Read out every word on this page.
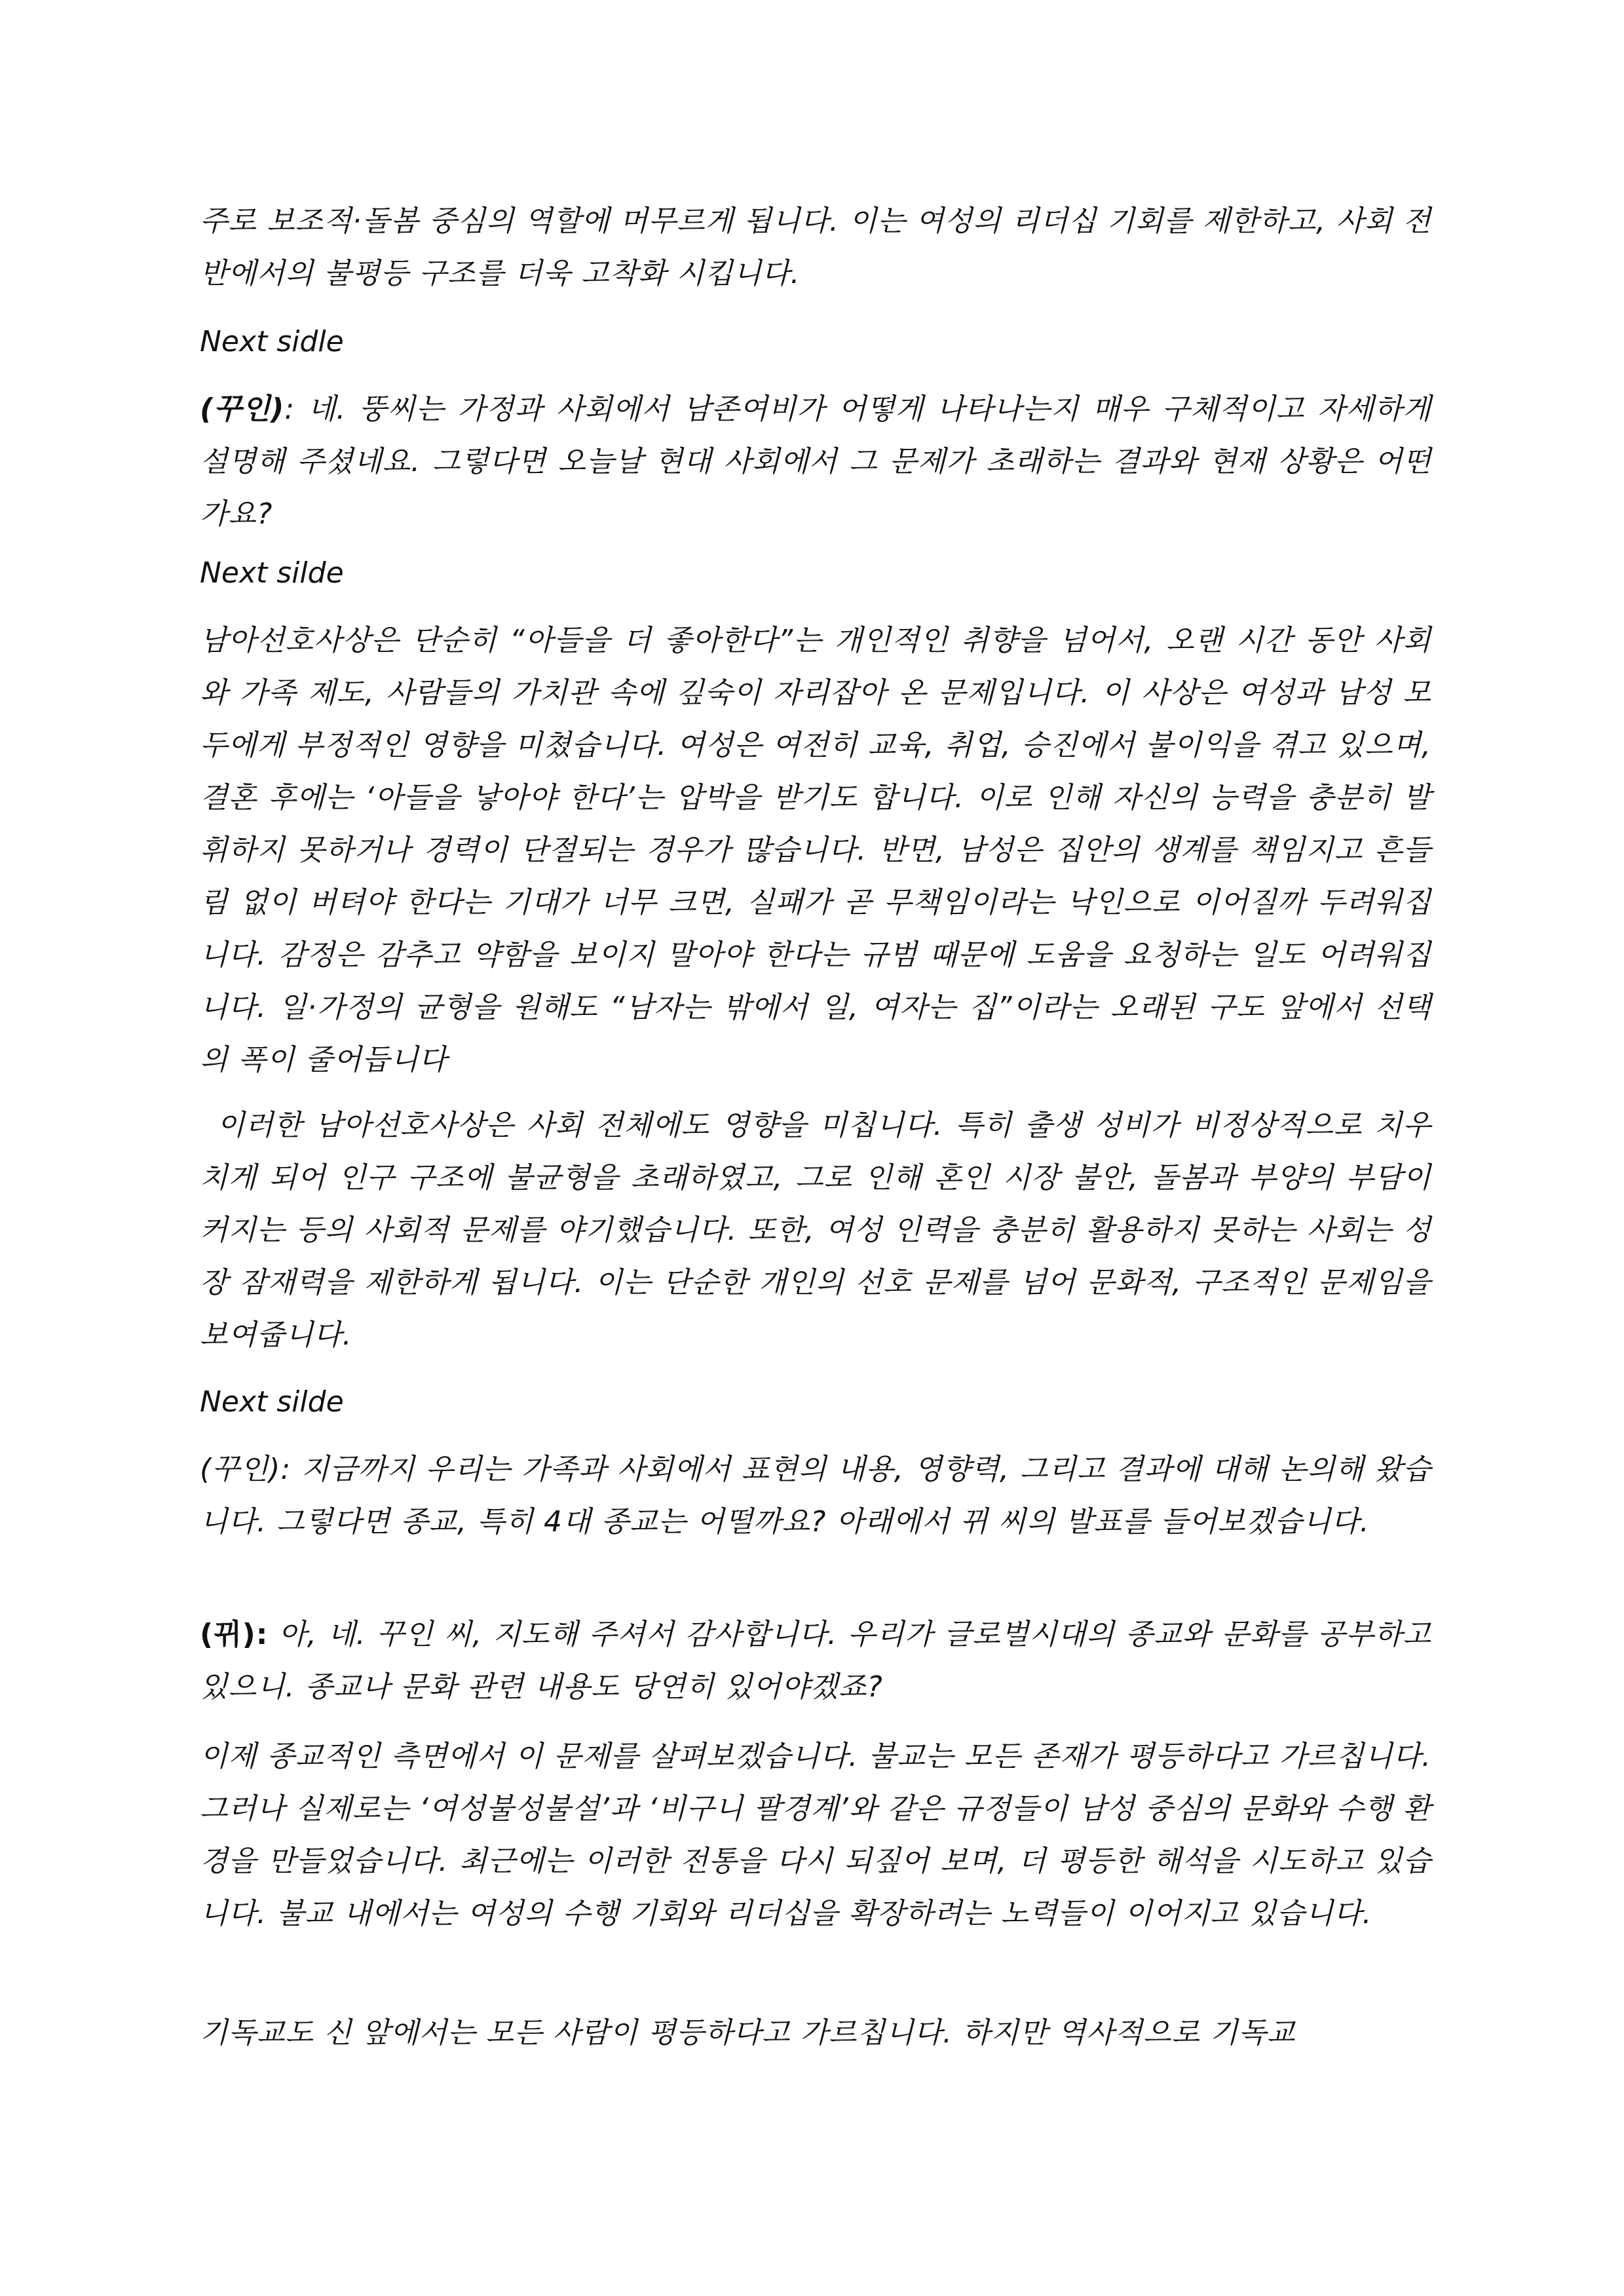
주로 보조적·돌봄 중심의 역할에 머무르게 됩니다. 이는 여성의 리더십 기회를 제한하고, 사회 전반에서의 불평등 구조를 더욱 고착화 시킵니다.

Next sidle

(꾸인): 네. 뚱씨는 가정과 사회에서 남존여비가 어떻게 나타나는지 매우 구체적이고 자세하게 설명해 주셨네요. 그렇다면 오늘날 현대 사회에서 그 문제가 초래하는 결과와 현재 상황은 어떤가요?

Next silde

남아선호사상은 단순히 “아들을 더 좋아한다”는 개인적인 취향을 넘어서, 오랜 시간 동안 사회와 가족 제도, 사람들의 가치관 속에 깊숙이 자리잡아 온 문제입니다. 이 사상은 여성과 남성 모두에게 부정적인 영향을 미쳤습니다. 여성은 여전히 교육, 취업, 승진에서 불이익을 겪고 있으며, 결혼 후에는 ‘아들을 낳아야 한다’는 압박을 받기도 합니다. 이로 인해 자신의 능력을 충분히 발휘하지 못하거나 경력이 단절되는 경우가 많습니다. 반면, 남성은 집안의 생계를 책임지고 흔들림 없이 버텨야 한다는 기대가 너무 크면, 실패가 곧 무책임이라는 낙인으로 이어질까 두려워집니다. 감정은 감추고 약함을 보이지 말아야 한다는 규범 때문에 도움을 요청하는 일도 어려워집니다. 일·가정의 균형을 원해도 “남자는 밖에서 일, 여자는 집”이라는 오래된 구도 앞에서 선택의 폭이 줄어듭니다

이러한 남아선호사상은 사회 전체에도 영향을 미칩니다. 특히 출생 성비가 비정상적으로 치우치게 되어 인구 구조에 불균형을 초래하였고, 그로 인해 혼인 시장 불안, 돌봄과 부양의 부담이 커지는 등의 사회적 문제를 야기했습니다. 또한, 여성 인력을 충분히 활용하지 못하는 사회는 성장 잠재력을 제한하게 됩니다. 이는 단순한 개인의 선호 문제를 넘어 문화적, 구조적인 문제임을 보여줍니다.

Next silde

(꾸인): 지금까지 우리는 가족과 사회에서 표현의 내용, 영향력, 그리고 결과에 대해 논의해 왔습니다. 그렇다면 종교, 특히 4대 종교는 어떨까요? 아래에서 뀌 씨의 발표를 들어보겠습니다.

(뀌): 아, 네. 꾸인 씨, 지도해 주셔서 감사합니다. 우리가 글로벌시대의 종교와 문화를 공부하고 있으니. 종교나 문화 관련 내용도 당연히 있어야겠죠?

이제 종교적인 측면에서 이 문제를 살펴보겠습니다. 불교는 모든 존재가 평등하다고 가르칩니다. 그러나 실제로는 ‘여성불성불설’과 ‘비구니 팔경계’와 같은 규정들이 남성 중심의 문화와 수행 환경을 만들었습니다. 최근에는 이러한 전통을 다시 되짚어 보며, 더 평등한 해석을 시도하고 있습니다. 불교 내에서는 여성의 수행 기회와 리더십을 확장하려는 노력들이 이어지고 있습니다.

기독교도 신 앞에서는 모든 사람이 평등하다고 가르칩니다. 하지만 역사적으로 기독교
